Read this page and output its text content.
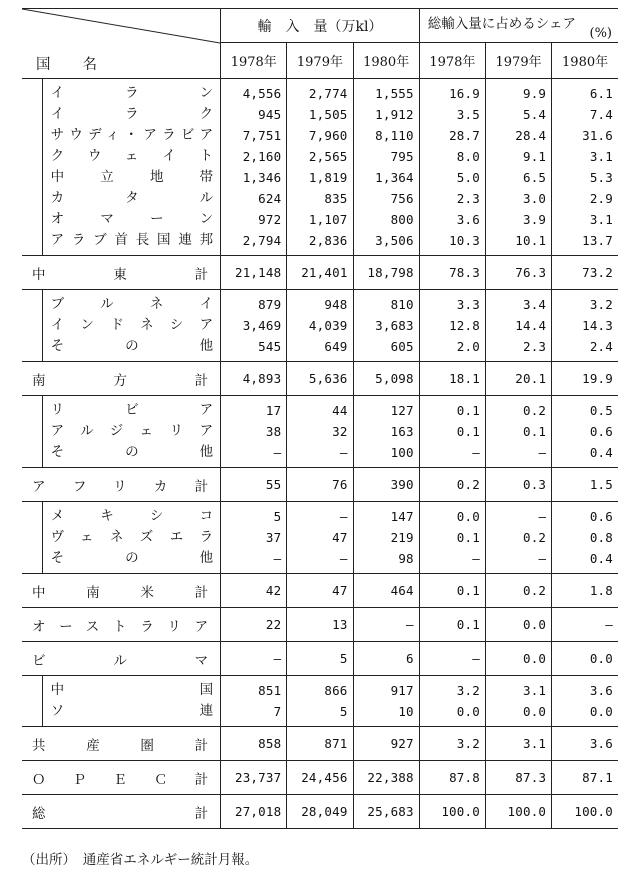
国　　名		輸　入　量（万kl）			総輸入量に占めるシェア
(%)		

		1978年	1979年	1980年	1978年	1979年	1980年
	イ　ラ　ン	4,556	2,774	1,555	16.9	9.9	6.1
	イ　ラ　ク	945	1,505	1,912	3.5	5.4	7.4
	サウディ・アラビア	7,751	7,960	8,110	28.7	28.4	31.6
	クウェイト	2,160	2,565	795	8.0	9.1	3.1
	中立地帯	1,346	1,819	1,364	5.0	6.5	5.3
	カタル	624	835	756	2.3	3.0	2.9
	オマーン	972	1,107	800	3.6	3.9	3.1
	アラブ首長国連邦	2,794	2,836	3,506	10.3	10.1	13.7
中東計		21,148	21,401	18,798	78.3	76.3	73.2
	ブルネイ	879	948	810	3.3	3.4	3.2
	インドネシア	3,469	4,039	3,683	12.8	14.4	14.3
	その他	545	649	605	2.0	2.3	2.4
南方計		4,893	5,636	5,098	18.1	20.1	19.9
	リビア	17	44	127	0.1	0.2	0.5
	アルジェリア	38	32	163	0.1	0.1	0.6
	その他	—	—	100	—	—	0.4
アフリカ計		55	76	390	0.2	0.3	1.5
	メキシコ	5	—	147	0.0	—	0.6
	ヴェネズエラ	37	47	219	0.1	0.2	0.8
	その他	—	—	98	—	—	0.4
中南米計		42	47	464	0.1	0.2	1.8
オーストラリア		22	13	—	0.1	0.0	—
ビルマ		—	5	6	—	0.0	0.0
	中　国	851	866	917	3.2	3.1	3.6
	ソ　連	7	5	10	0.0	0.0	0.0
共産圏計		858	871	927	3.2	3.1	3.6
ＯＰＥＣ計		23,737	24,456	22,388	87.8	87.3	87.1
総　　計		27,018	28,049	25,683	100.0	100.0	100.0
（出所）　通産省エネルギー統計月報。
